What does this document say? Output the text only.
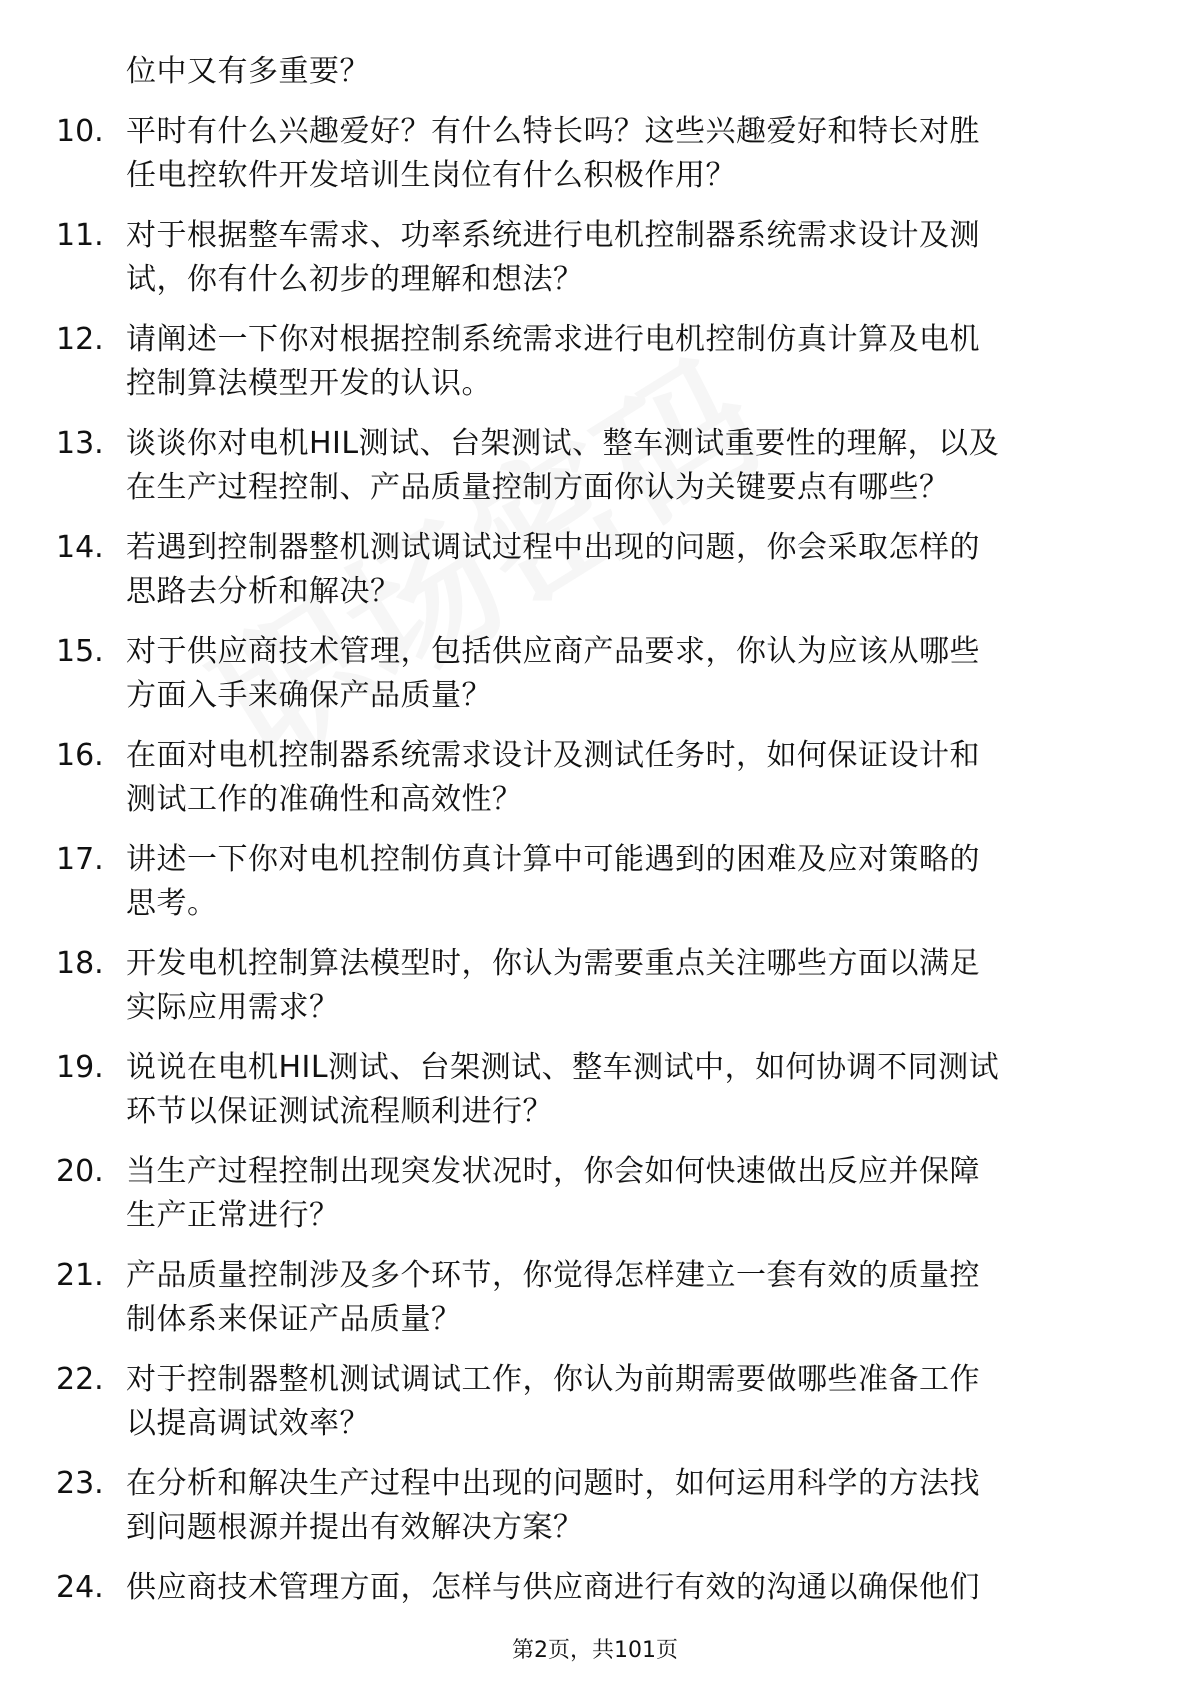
位中又有多重要？
10. 平时有什么兴趣爱好？有什么特长吗？这些兴趣爱好和特长对胜
任电控软件开发培训生岗位有什么积极作用？
11. 对于根据整车需求、功率系统进行电机控制器系统需求设计及测
试，你有什么初步的理解和想法？
12. 请阐述一下你对根据控制系统需求进行电机控制仿真计算及电机
控制算法模型开发的认识。
13. 谈谈你对电机HIL测试、台架测试、整车测试重要性的理解，以及
在生产过程控制、产品质量控制方面你认为关键要点有哪些？
14. 若遇到控制器整机测试调试过程中出现的问题，你会采取怎样的
思路去分析和解决？
15. 对于供应商技术管理，包括供应商产品要求，你认为应该从哪些
方面入手来确保产品质量？
16. 在面对电机控制器系统需求设计及测试任务时，如何保证设计和
测试工作的准确性和高效性？
17. 讲述一下你对电机控制仿真计算中可能遇到的困难及应对策略的
思考。
18. 开发电机控制算法模型时，你认为需要重点关注哪些方面以满足
实际应用需求？
19. 说说在电机HIL测试、台架测试、整车测试中，如何协调不同测试
环节以保证测试流程顺利进行？
20. 当生产过程控制出现突发状况时，你会如何快速做出反应并保障
生产正常进行？
21. 产品质量控制涉及多个环节，你觉得怎样建立一套有效的质量控
制体系来保证产品质量？
22. 对于控制器整机测试调试工作，你认为前期需要做哪些准备工作
以提高调试效率？
23. 在分析和解决生产过程中出现的问题时，如何运用科学的方法找
到问题根源并提出有效解决方案？
24. 供应商技术管理方面，怎样与供应商进行有效的沟通以确保他们
第2页，共101页
